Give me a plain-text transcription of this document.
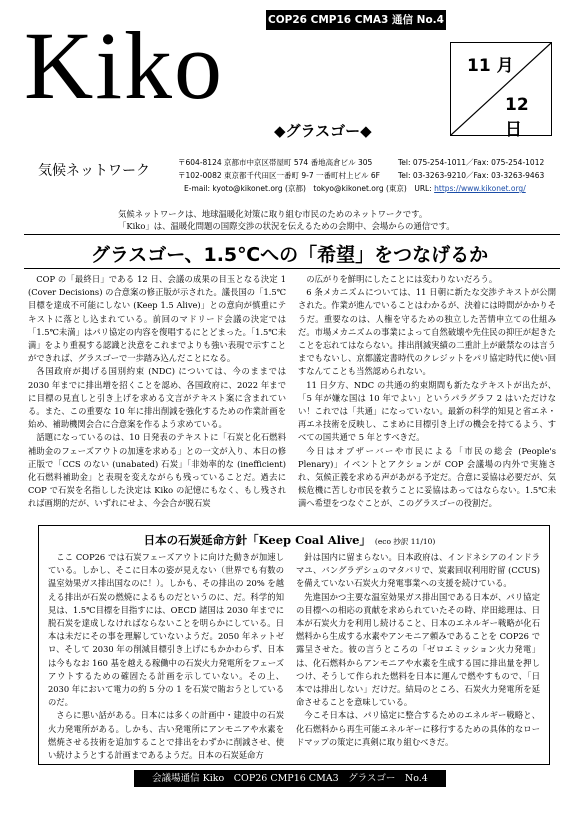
COP26 CMP16 CMA3 通信 No.4
Kiko
気候ネットワーク
◆グラスゴー◆
11 月
12 日
〒604-8124 京都市中京区帯屋町 574 番地高倉ビル 305	Tel: 075-254-1011／Fax: 075-254-1012
〒102-0082 東京都千代田区一番町 9-7 一番町村上ビル 6F Tel: 03-3263-9210／Fax: 03-3263-9463
E-mail: kyoto@kikonet.org (京都)　tokyo@kikonet.org (東京)　URL: https://www.kikonet.org/
気候ネットワークは、地球温暖化対策に取り組む市民のためのネットワークです。
「Kiko」は、温暖化問題の国際交渉の状況を伝えるための会期中、会場からの通信です。
グラスゴー、1.5℃への「希望」をつなげるか

COP の「最終日」である 12 日、会議の成果の目玉となる決定 1 (Cover Decisions) の合意案の修正版が示された。議長国の「1.5℃目標を達成不可能にしない (Keep 1.5 Alive)」との意向が慎重にテキストに落とし込まれている。前回のマドリード会議の決定では「1.5℃未満」はパリ協定の内容を復唱するにとどまった。「1.5℃未満」をより重視する認識と決意をこれまでよりも強い表現で示すことができれば、グラスゴーで一歩踏み込んだことになる。

各国政府が掲げる国別約束 (NDC) については、今のままでは 2030 年までに排出増を招くことを認め、各国政府に、2022 年までに目標の見直しと引き上げを求める文言がテキスト案に含まれている。また、この重要な 10 年に排出削減を強化するための作業計画を始め、補助機関会合に合意案を作るよう求めている。

話題になっているのは、10 日発表のテキストに「石炭と化石燃料補助金のフェーズアウトの加速を求める」との一文が入り、本日の修正版で「CCS のない (unabated) 石炭」「非効率的な (inefficient) 化石燃料補助金」と表現を変えながらも残っていることだ。過去に COP で石炭を名指しした決定は Kiko の記憶にもなく、もし残されれば画期的だが、いずれにせよ、今会合が脱石炭

の広がりを鮮明にしたことには変わりないだろう。

6 条メカニズムについては、11 日朝に新たな交渉テキストが公開された。作業が進んでいることはわかるが、決着には時間がかかりそうだ。重要なのは、人権を守るための独立した苦情申立ての仕組みだ。市場メカニズムの事業によって自然破壊や先住民の抑圧が起きたことを忘れてはならない。排出削減実績の二重計上が厳禁なのは言うまでもないし、京都議定書時代のクレジットをパリ協定時代に使い回すなんてことも当然認められない。

11 日夕方、NDC の共通の約束期間も新たなテキストが出たが、「5 年が嫌な国は 10 年でよい」というパラグラフ 2 はいただけない！これでは「共通」になっていない。最新の科学的知見と省エネ・再エネ技術を反映し、こまめに目標引き上げの機会を持てるよう、すべての国共通で 5 年とすべきだ。

今日はオブザーバーや市民による「市民の総会 (People's Plenary)」イベントとアクションが COP 会議場の内外で実施され、気候正義を求める声があがる予定だ。合意に妥協は必要だが、気候危機に苦しむ市民を救うことに妥協はあってはならない。1.5℃未満へ希望をつなぐことが、このグラスゴーの役割だ。

日本の石炭延命方針「Keep Coal Alive」 (eco 抄訳 11/10)

ここ COP26 では石炭フェーズアウトに向けた動きが加速している。しかし、そこに日本の姿が見えない（世界でも有数の温室効果ガス排出国なのに！）。しかも、その排出の 20% を越える排出が石炭の燃焼によるものだというのに、だ。科学的知見は、1.5℃目標を目指すには、OECD 諸国は 2030 年までに脱石炭を達成しなければならないことを明らかにしている。日本は未だにその事を理解していないようだ。2050 年ネットゼロ、そして 2030 年の削減目標引き上げにもかかわらず、日本は今もなお 160 基を越える稼働中の石炭火力発電所をフェーズアウトするための確固たる計画を示していない。その上、2030 年において電力の約 5 分の 1 を石炭で賄おうとしているのだ。

さらに悪い話がある。日本には多くの計画中・建設中の石炭火力発電所がある。しかも、古い発電所にアンモニアや水素を燃焼させる技術を追加することで排出をわずかに削減させ、使い続けようとする計画まであるようだ。日本の石炭延命方

針は国内に留まらない。日本政府は、インドネシアのインドラマユ、バングラデシュのマタバリで、炭素回収利用貯留 (CCUS) を備えていない石炭火力発電事業への支援を続けている。

先進国かつ主要な温室効果ガス排出国である日本が、パリ協定の目標への相応の貢献を求められていたその時、岸田総理は、日本が石炭火力を利用し続けること、日本のエネルギー戦略が化石燃料から生成する水素やアンモニア頼みであることを COP26 で露呈させた。彼の言うところの「ゼロエミッション火力発電」は、化石燃料からアンモニアや水素を生成する国に排出量を押しつけ、そうして作られた燃料を日本に運んで燃やすもので、「日本では排出しない」だけだ。結局のところ、石炭火力発電所を延命させることを意味している。

今こそ日本は、パリ協定に整合するためのエネルギー戦略と、化石燃料から再生可能エネルギーに移行するための具体的なロードマップの策定に真剣に取り組むべきだ。

会議場通信 Kiko　COP26 CMP16 CMA3　グラスゴー　No.4
